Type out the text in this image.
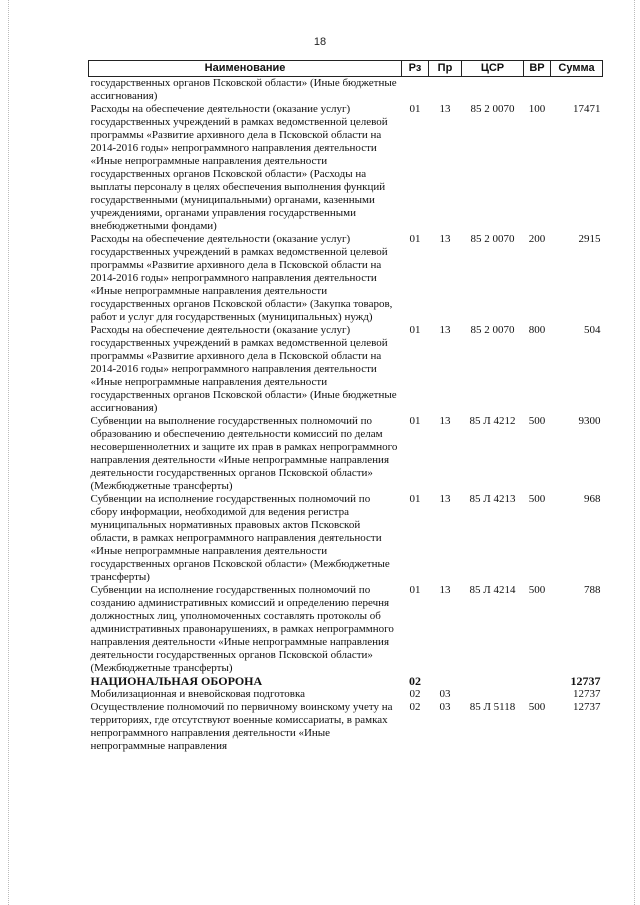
18
Наименование	Рз	Пр	ЦСР	ВР	Сумма
государственных органов Псковской области» (Иные бюджетные ассигнования)					
Расходы на обеспечение деятельности (оказание услуг) государственных учреждений в рамках ведомственной целевой программы «Развитие архивного дела в Псковской области на 2014-2016 годы» непрограммного направления деятельности «Иные непрограммные направления деятельности государственных органов Псковской области» (Расходы на выплаты персоналу в целях обеспечения выполнения функций государственными (муниципальными) органами, казенными учреждениями, органами управления государственными внебюджетными фондами)	01	13	85 2 0070	100	17471
Расходы на обеспечение деятельности (оказание услуг) государственных учреждений в рамках ведомственной целевой программы «Развитие архивного дела в Псковской области на 2014-2016 годы» непрограммного направления деятельности «Иные непрограммные направления деятельности государственных органов Псковской области» (Закупка товаров, работ и услуг для государственных (муниципальных) нужд)	01	13	85 2 0070	200	2915
Расходы на обеспечение деятельности (оказание услуг) государственных учреждений в рамках ведомственной целевой программы «Развитие архивного дела в Псковской области на 2014-2016 годы» непрограммного направления деятельности «Иные непрограммные направления деятельности государственных органов Псковской области» (Иные бюджетные ассигнования)	01	13	85 2 0070	800	504
Субвенции на выполнение государственных полномочий по образованию и обеспечению деятельности комиссий по делам несовершеннолетних и защите их прав в рамках непрограммного направления деятельности «Иные непрограммные направления деятельности государственных органов Псковской области» (Межбюджетные трансферты)	01	13	85 Л 4212	500	9300
Субвенции на исполнение государственных полномочий по сбору информации, необходимой для ведения регистра муниципальных нормативных правовых актов Псковской области, в рамках непрограммного направления деятельности «Иные непрограммные направления деятельности государственных органов Псковской области» (Межбюджетные трансферты)	01	13	85 Л 4213	500	968
Субвенции на исполнение государственных полномочий по созданию административных комиссий и определению перечня должностных лиц, уполномоченных составлять протоколы об административных правонарушениях, в рамках непрограммного направления деятельности «Иные непрограммные направления деятельности государственных органов Псковской области» (Межбюджетные трансферты)	01	13	85 Л 4214	500	788
НАЦИОНАЛЬНАЯ ОБОРОНА	02				12737
Мобилизационная и вневойсковая подготовка	02	03			12737
Осуществление полномочий по первичному воинскому учету на территориях, где отсутствуют военные комиссариаты, в рамках непрограммного направления деятельности «Иные непрограммные направления	02	03	85 Л 5118	500	12737
